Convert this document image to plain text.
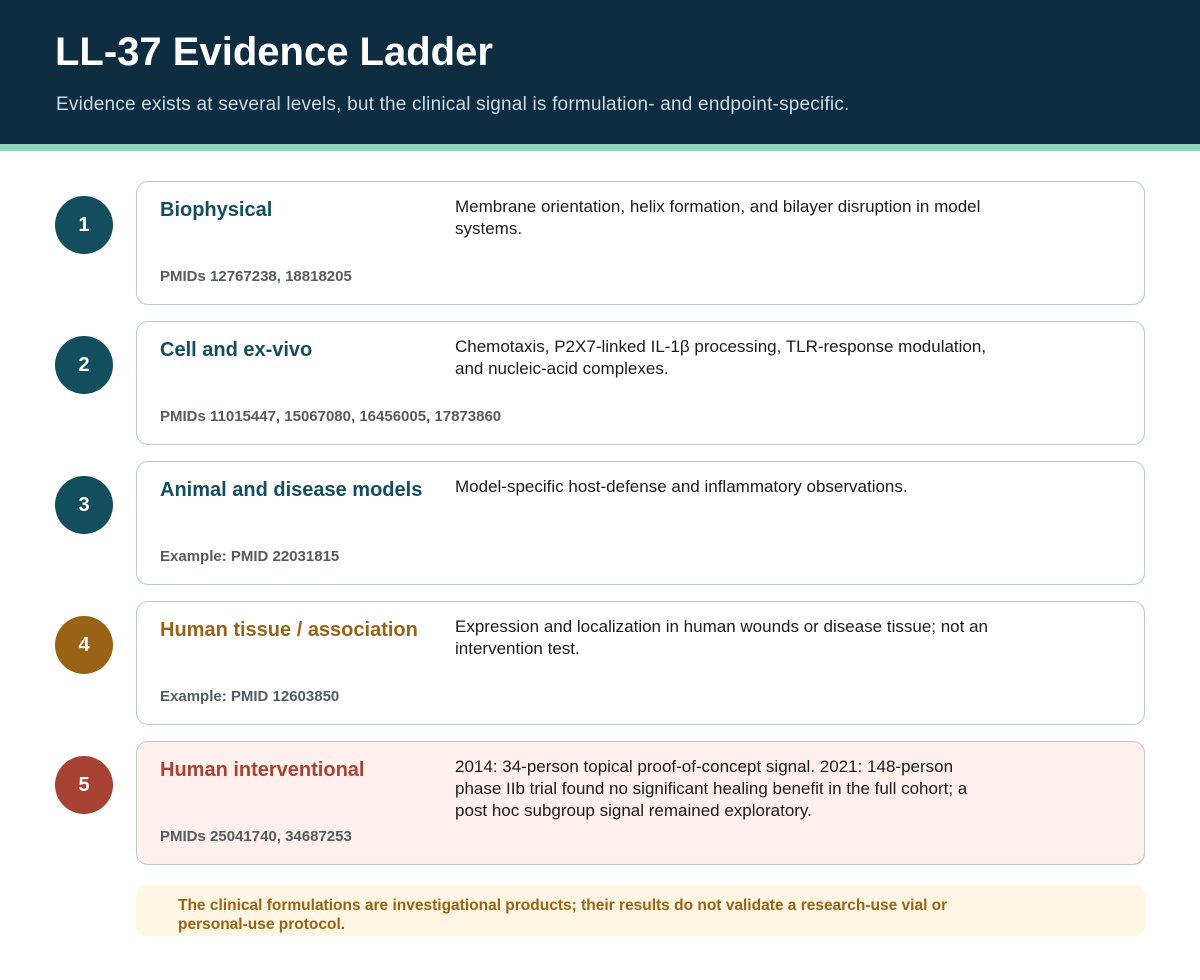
LL-37 Evidence Ladder
Evidence exists at several levels, but the clinical signal is formulation- and endpoint-specific.
1
Biophysical	Membrane orientation, helix formation, and bilayer disruption in model systems.
PMIDs 12767238, 18818205
2
Cell and ex-vivo	Chemotaxis, P2X7-linked IL-1β processing, TLR-response modulation, and nucleic-acid complexes.
PMIDs 11015447, 15067080, 16456005, 17873860
3
Animal and disease models Model-specific host-defense and inflammatory observations.
Example: PMID 22031815
4
Human tissue / association Expression and localization in human wounds or disease tissue; not an intervention test.
Example: PMID 12603850
5
Human interventional	2014: 34-person topical proof-of-concept signal. 2021: 148-person phase IIb trial found no significant healing benefit in the full cohort; a post hoc subgroup signal remained exploratory.
PMIDs 25041740, 34687253
The clinical formulations are investigational products; their results do not validate a research-use vial or personal-use protocol.
